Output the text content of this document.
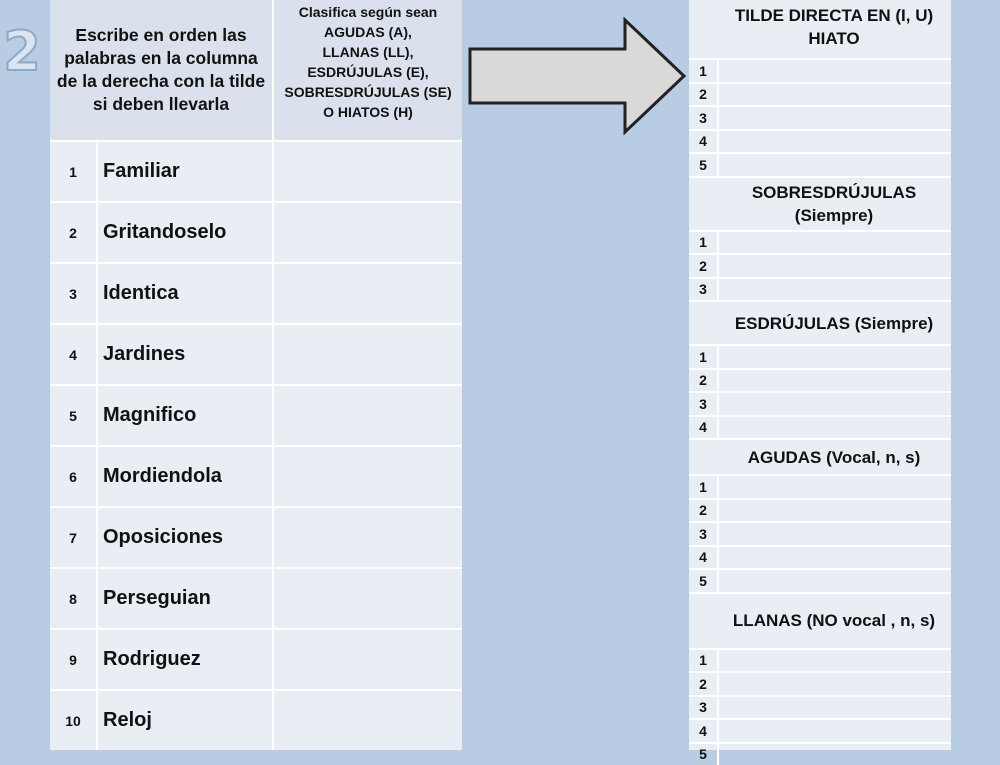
2	Escribe en orden las palabras en la columna de la derecha con la tilde si deben llevarla
Clasifica según sean
AGUDAS (A),
LLANAS (LL),
ESDRÚJULAS (E),
SOBRESDRÚJULAS (SE)
O HIATOS (H)
1	Familiar
2	Gritandoselo
3	Identica
4	Jardines
5	Magnifico
6	Mordiendola
7	Oposiciones
8	Perseguian
9	Rodriguez
10	Reloj
TILDE DIRECTA EN (I, U) HIATO
1
2
3
4
5
SOBRESDRÚJULAS (Siempre)
1
2
3
ESDRÚJULAS (Siempre)
1
2
3
4
AGUDAS (Vocal, n, s)
1
2
3
4
5
LLANAS (NO vocal , n, s)
1
2
3
4
5
